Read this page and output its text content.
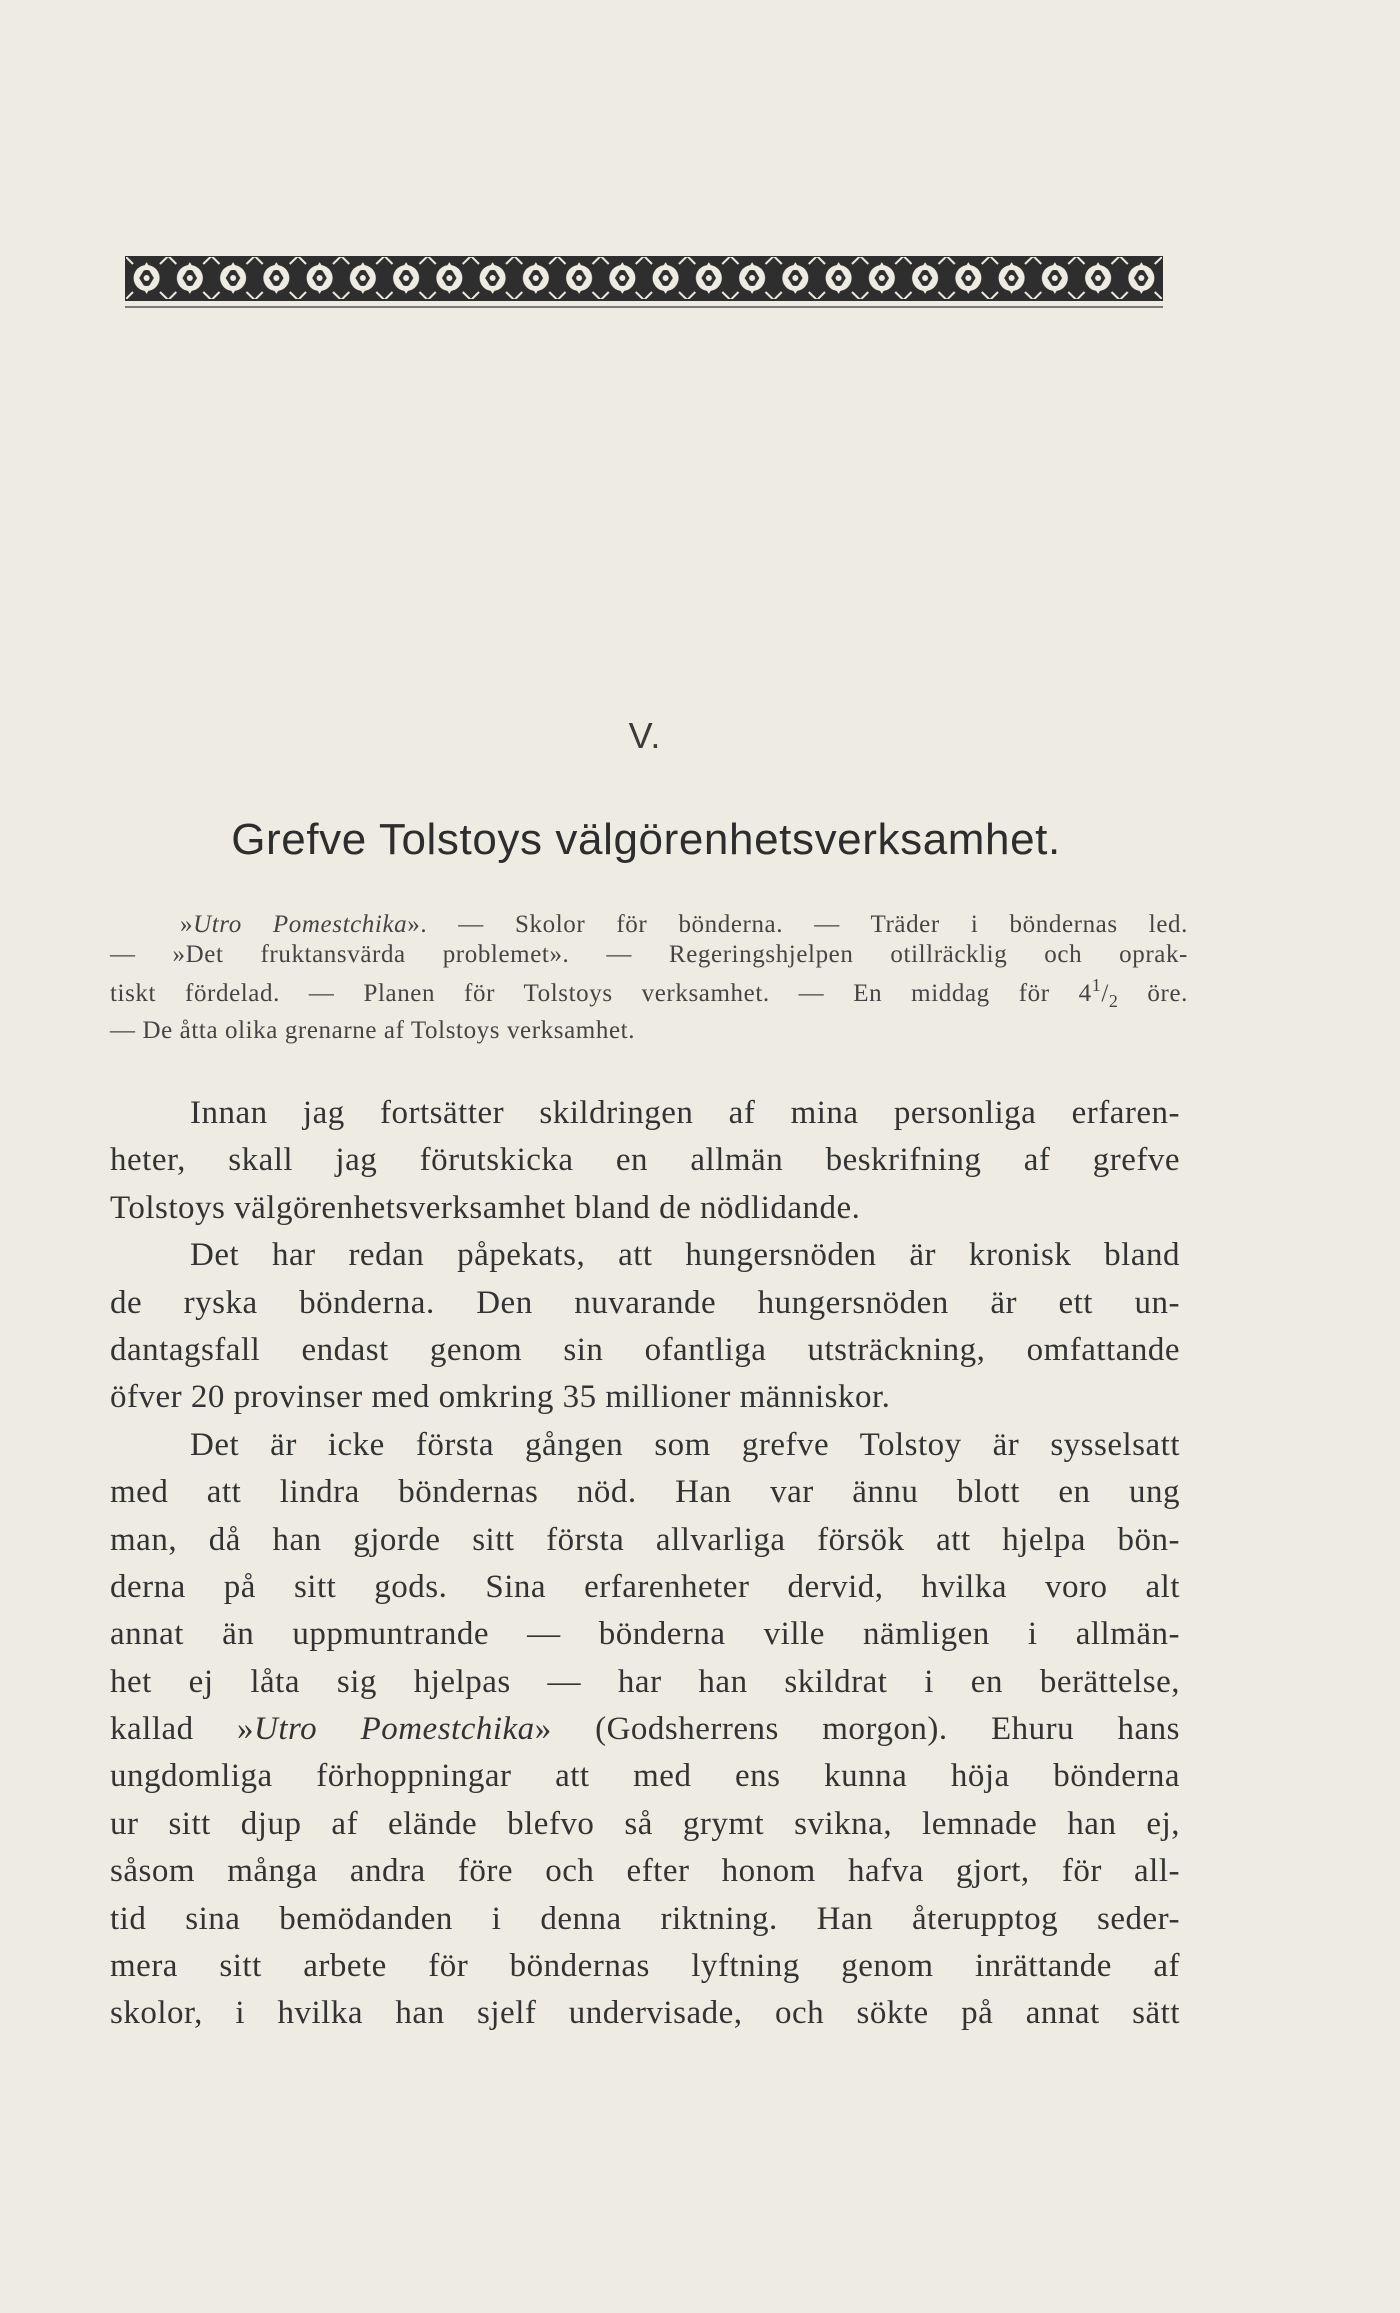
V.
Grefve Tolstoys välgörenhetsverksamhet.
»Utro Pomestchika». — Skolor för bönderna. — Träder i böndernas led.
— »Det fruktansvärda problemet». — Regeringshjelpen otillräcklig och oprak-
tiskt fördelad. — Planen för Tolstoys verksamhet. — En middag för $4^1/_2$ öre.
— De åtta olika grenarne af Tolstoys verksamhet.
Innan jag fortsätter skildringen af mina personliga erfaren-
heter, skall jag förutskicka en allmän beskrifning af grefve
Tolstoys välgörenhetsverksamhet bland de nödlidande.
Det har redan påpekats, att hungersnöden är kronisk bland
de ryska bönderna. Den nuvarande hungersnöden är ett un-
dantagsfall endast genom sin ofantliga utsträckning, omfattande
öfver 20 provinser med omkring 35 millioner människor.
Det är icke första gången som grefve Tolstoy är sysselsatt
med att lindra böndernas nöd. Han var ännu blott en ung
man, då han gjorde sitt första allvarliga försök att hjelpa bön-
derna på sitt gods. Sina erfarenheter dervid, hvilka voro alt
annat än uppmuntrande — bönderna ville nämligen i allmän-
het ej låta sig hjelpas — har han skildrat i en berättelse,
kallad »Utro Pomestchika» (Godsherrens morgon). Ehuru hans
ungdomliga förhoppningar att med ens kunna höja bönderna
ur sitt djup af elände blefvo så grymt svikna, lemnade han ej,
såsom många andra före och efter honom hafva gjort, för all-
tid sina bemödanden i denna riktning. Han återupptog seder-
mera sitt arbete för böndernas lyftning genom inrättande af
skolor, i hvilka han sjelf undervisade, och sökte på annat sätt
